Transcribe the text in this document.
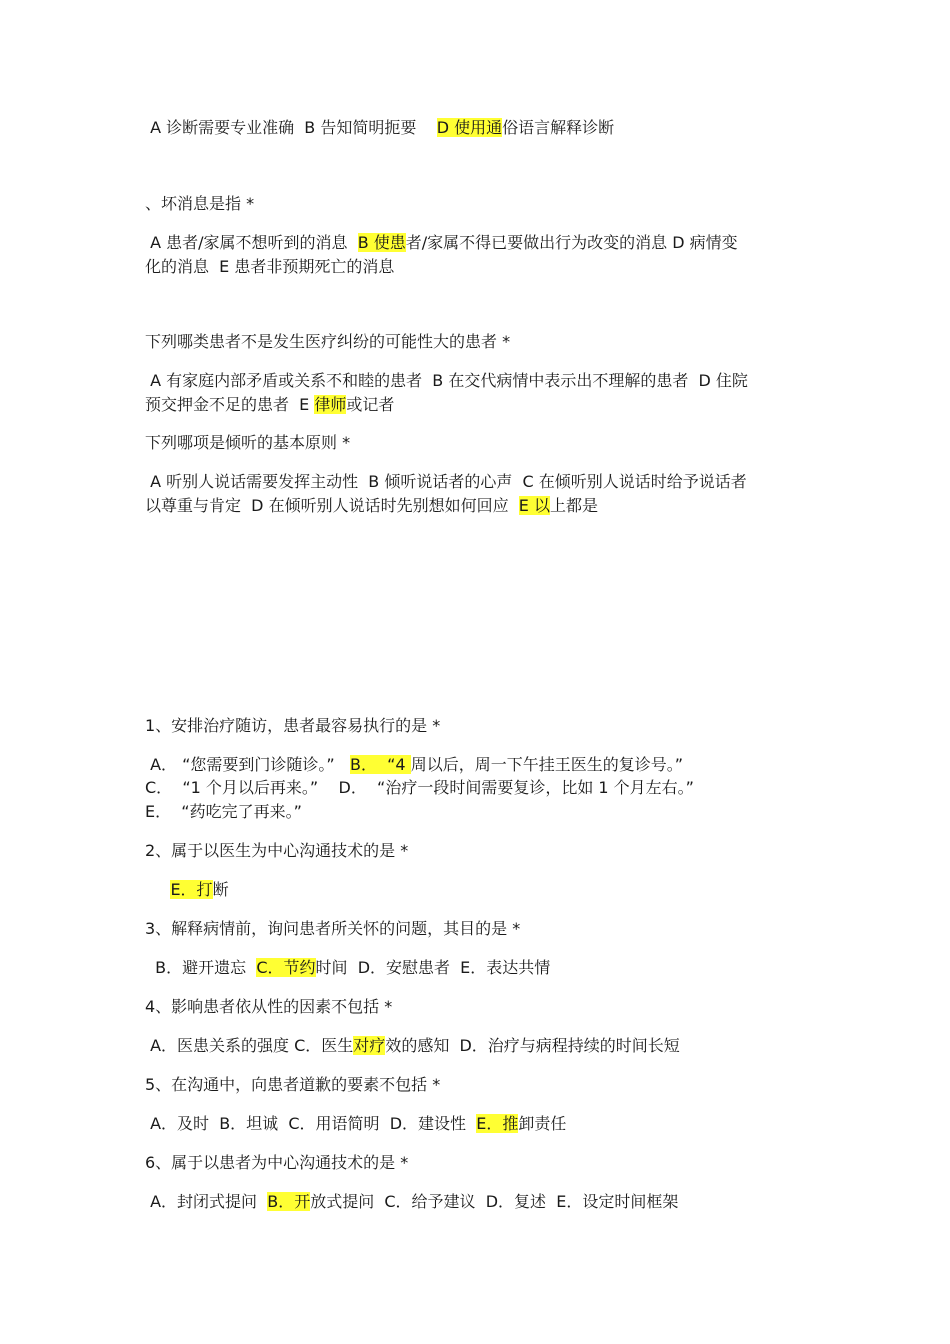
A 诊断需要专业准确  B 告知简明扼要    D 使用通俗语言解释诊断
、坏消息是指 *
A 患者/家属不想听到的消息  B 使患者/家属不得已要做出行为改变的消息 D 病情变
化的消息  E 患者非预期死亡的消息
下列哪类患者不是发生医疗纠纷的可能性大的患者 *
A 有家庭内部矛盾或关系不和睦的患者  B 在交代病情中表示出不理解的患者  D 住院
预交押金不足的患者  E 律师或记者
下列哪项是倾听的基本原则 *
A 听别人说话需要发挥主动性  B 倾听说话者的心声  C 在倾听别人说话时给予说话者
以尊重与肯定  D 在倾听别人说话时先别想如何回应  E 以上都是
1、安排治疗随访，患者最容易执行的是 *
A． “您需要到门诊随诊。”   B．  “4 周以后，周一下午挂王医生的复诊号。”
C．  “1 个月以后再来。”    D．  “治疗一段时间需要复诊，比如 1 个月左右。”
E．  “药吃完了再来。”
2、属于以医生为中心沟通技术的是 *
E．打断
3、解释病情前，询问患者所关怀的问题，其目的是 *
B．避开遗忘  C．节约时间  D．安慰患者  E．表达共情
4、影响患者依从性的因素不包括 *
A．医患关系的强度 C．医生对疗效的感知  D．治疗与病程持续的时间长短
5、在沟通中，向患者道歉的要素不包括 *
A．及时  B．坦诚  C．用语简明  D．建设性  E．推卸责任
6、属于以患者为中心沟通技术的是 *
A．封闭式提问  B．开放式提问  C．给予建议  D．复述  E．设定时间框架
